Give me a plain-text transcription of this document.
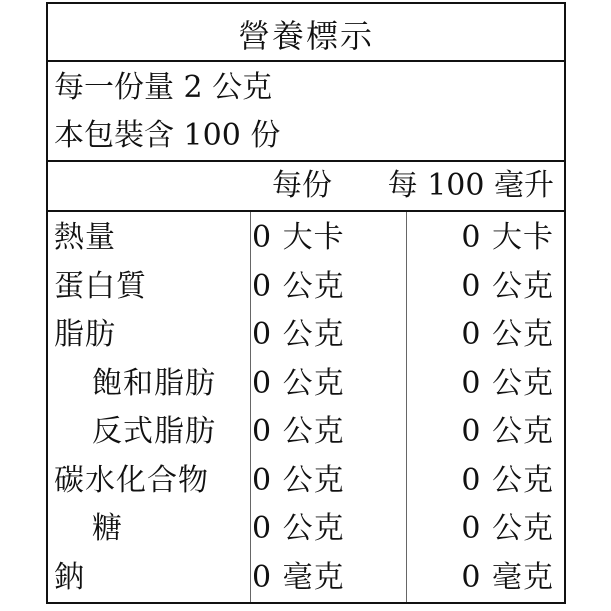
營養標示
每一份量 2 公克
本包裝含 100 份
每份 每 100 毫升
熱量	0 大卡	0 大卡
蛋白質	0 公克	0 公克
脂肪	0 公克	0 公克
飽和脂肪 0 公克	0 公克
反式脂肪 0 公克	0 公克
碳水化合物 0 公克	0 公克
糖	0 公克	0 公克
鈉	0 毫克	0 毫克
